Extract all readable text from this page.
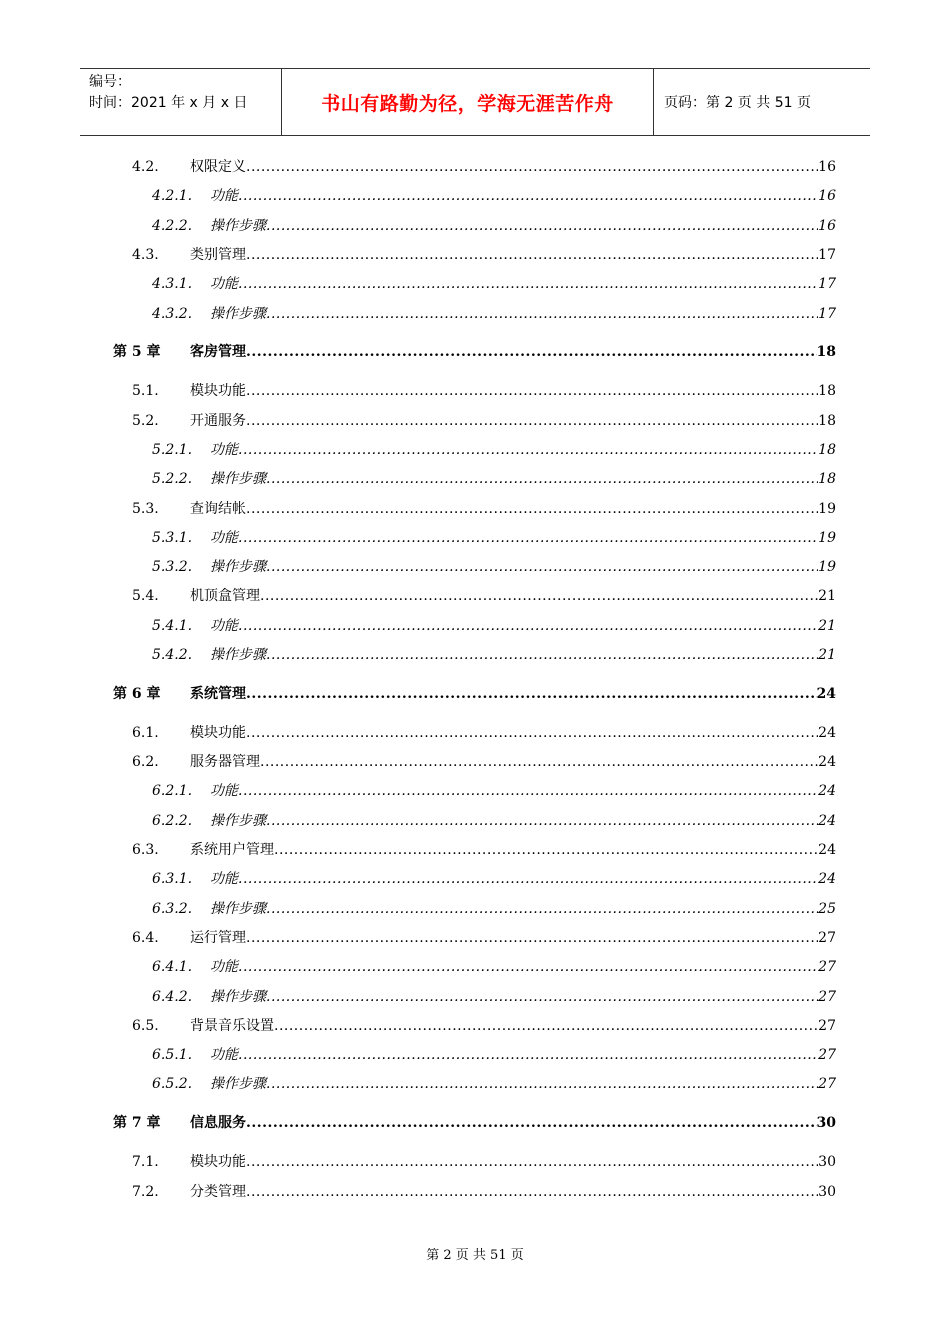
编号：
时间：2021 年 x 月 x 日	书山有路勤为径，学海无涯苦作舟	页码：第 2 页 共 51 页
4.2. 权限定义 .....	16
4.2.1. 功能 .....	16
4.2.2. 操作步骤 .....	16
4.3. 类别管理 .....	17
4.3.1. 功能 .....	17
4.3.2. 操作步骤 .....	17
第 5 章 客房管理 .....	18
5.1. 模块功能 .....	18
5.2. 开通服务 .....	18
5.2.1. 功能 .....	18
5.2.2. 操作步骤 .....	18
5.3. 查询结帐 .....	19
5.3.1. 功能 .....	19
5.3.2. 操作步骤 .....	19
5.4. 机顶盒管理 .....	21
5.4.1. 功能 .....	21
5.4.2. 操作步骤 .....	21
第 6 章 系统管理 .....	24
6.1. 模块功能 .....	24
6.2. 服务器管理 .....	24
6.2.1. 功能 .....	24
6.2.2. 操作步骤 .....	24
6.3. 系统用户管理 .....	24
6.3.1. 功能 .....	24
6.3.2. 操作步骤 .....	25
6.4. 运行管理 .....	27
6.4.1. 功能 .....	27
6.4.2. 操作步骤 .....	27
6.5. 背景音乐设置 .....	27
6.5.1. 功能 .....	27
6.5.2. 操作步骤 .....	27
第 7 章 信息服务 .....	30
7.1. 模块功能 .....	30
7.2. 分类管理 .....	30
第 2 页 共 51 页
